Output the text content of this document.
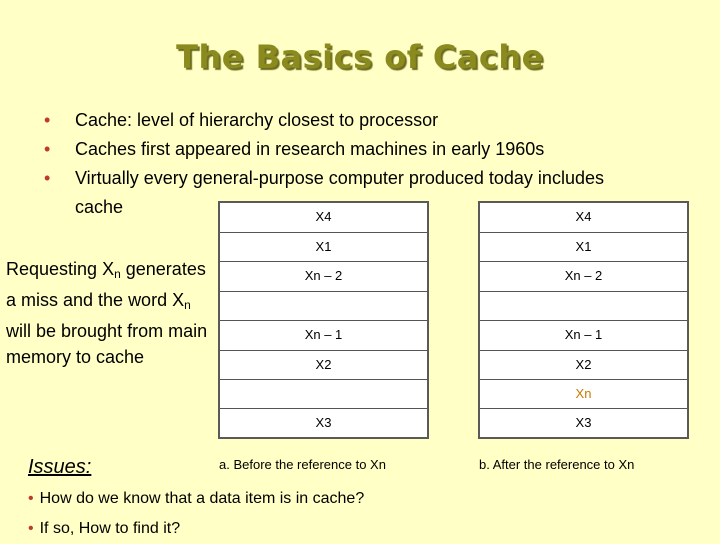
The Basics of Cache
• Cache: level of hierarchy closest to processor
• Caches first appeared in research machines in early 1960s
• Virtually every general-purpose computer produced today includes cache
Requesting $X_n$ generates a miss and the word $X_n$ will be brought from main memory to cache
X4
X1
Xn – 2
Xn – 1
X2
X3
X4
X1
Xn – 2
Xn – 1
X2
Xn
X3
a. Before the reference to Xn	b. After the reference to Xn
Issues:
• How do we know that a data item is in cache?
• If so, How to find it?
